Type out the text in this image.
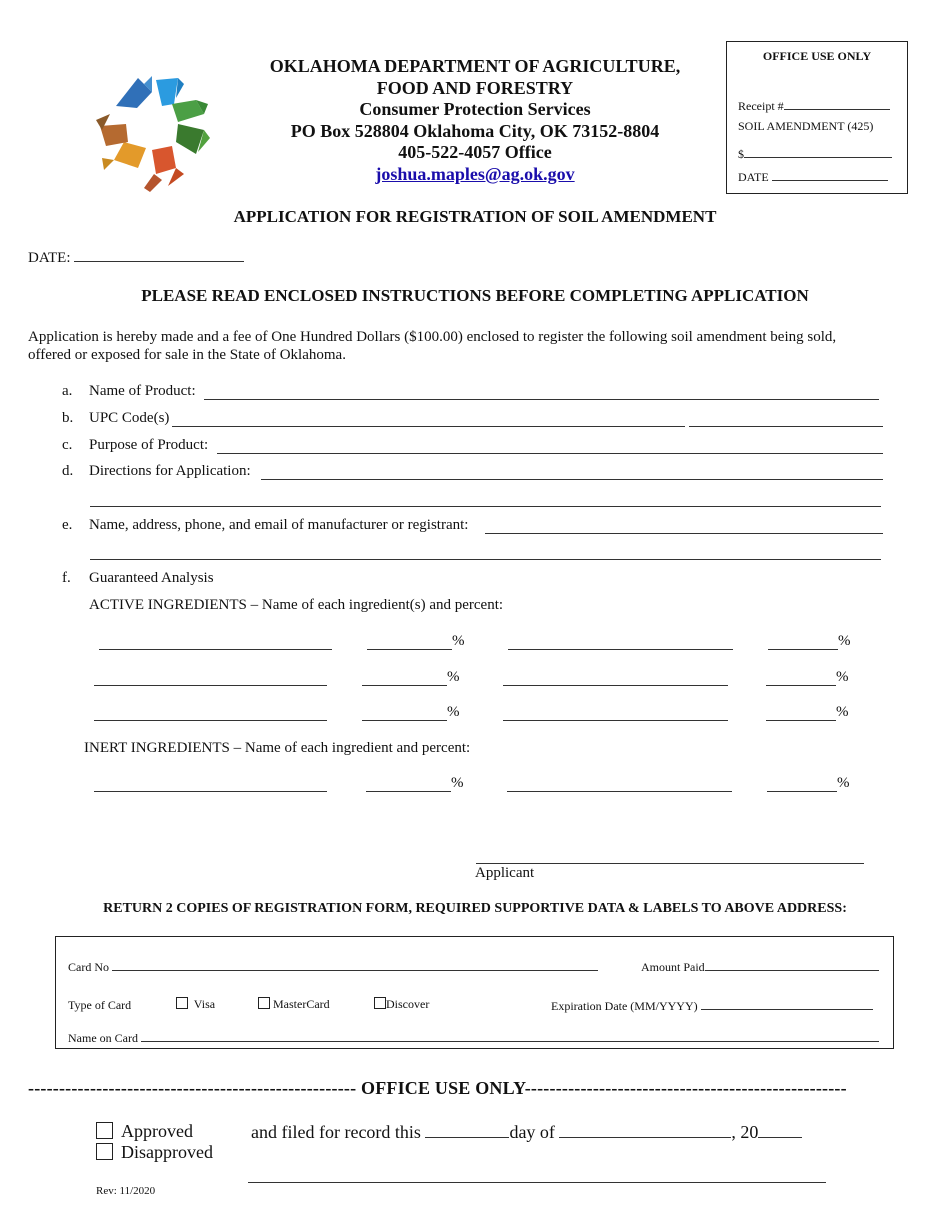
OKLAHOMA DEPARTMENT OF AGRICULTURE,
FOOD AND FORESTRY
Consumer Protection Services
PO Box 528804 Oklahoma City, OK 73152-8804
405-522-4057 Office
joshua.maples@ag.ok.gov
OFFICE USE ONLY
Receipt #
SOIL AMENDMENT (425)
$
DATE
APPLICATION FOR REGISTRATION OF SOIL AMENDMENT
DATE:
PLEASE READ ENCLOSED INSTRUCTIONS BEFORE COMPLETING APPLICATION
Application is hereby made and a fee of One Hundred Dollars ($100.00) enclosed to register the following soil amendment being sold,
offered or exposed for sale in the State of Oklahoma.
a. Name of Product:
b. UPC Code(s)
c. Purpose of Product:
d. Directions for Application:
e. Name, address, phone, and email of manufacturer or registrant:
f. Guaranteed Analysis
ACTIVE INGREDIENTS – Name of each ingredient(s) and percent:
%	%
%	%
%	%
INERT INGREDIENTS – Name of each ingredient and percent:
%	%
Applicant
RETURN 2 COPIES OF REGISTRATION FORM, REQUIRED SUPPORTIVE DATA & LABELS TO ABOVE ADDRESS:
Card No	Amount Paid
Type of Card	Visa	MasterCard	Discover	Expiration Date (MM/YYYY)
Name on Card
----------------------------------------------------- OFFICE USE ONLY----------------------------------------------------
Approved
Disapproved
and filed for record this	day of	, 20
Rev: 11/2020
